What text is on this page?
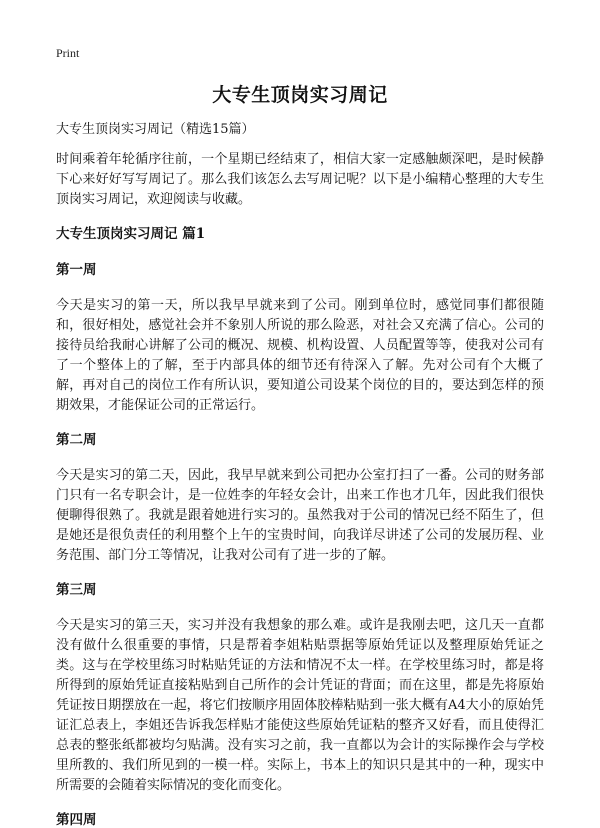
Print
大专生顶岗实习周记

大专生顶岗实习周记（精选15篇）

时间乘着年轮循序往前，一个星期已经结束了，相信大家一定感触颇深吧，是时候静下心来好好写写周记了。那么我们该怎么去写周记呢？以下是小编精心整理的大专生顶岗实习周记，欢迎阅读与收藏。

大专生顶岗实习周记 篇1
第一周

今天是实习的第一天，所以我早早就来到了公司。刚到单位时，感觉同事们都很随和，很好相处，感觉社会并不象别人所说的那么险恶，对社会又充满了信心。公司的接待员给我耐心讲解了公司的概况、规模、机构设置、人员配置等等，使我对公司有了一个整体上的了解，至于内部具体的细节还有待深入了解。先对公司有个大概了解，再对自己的岗位工作有所认识，要知道公司设某个岗位的目的，要达到怎样的预期效果，才能保证公司的正常运行。

第二周

今天是实习的第二天，因此，我早早就来到公司把办公室打扫了一番。公司的财务部门只有一名专职会计，是一位姓李的年轻女会计，出来工作也才几年，因此我们很快便聊得很熟了。我就是跟着她进行实习的。虽然我对于公司的情况已经不陌生了，但是她还是很负责任的利用整个上午的宝贵时间，向我详尽讲述了公司的发展历程、业务范围、部门分工等情况，让我对公司有了进一步的了解。

第三周

今天是实习的第三天，实习并没有我想象的那么难。或许是我刚去吧，这几天一直都没有做什么很重要的事情，只是帮着李姐粘贴票据等原始凭证以及整理原始凭证之类。这与在学校里练习时粘贴凭证的方法和情况不太一样。在学校里练习时，都是将所得到的原始凭证直接粘贴到自己所作的会计凭证的背面；而在这里，都是先将原始凭证按日期摆放在一起，将它们按顺序用固体胶棒粘贴到一张大概有A4大小的原始凭证汇总表上，李姐还告诉我怎样贴才能使这些原始凭证粘的整齐又好看，而且使得汇总表的整张纸都被均匀贴满。没有实习之前，我一直都以为会计的实际操作会与学校里所教的、我们所见到的一模一样。实际上，书本上的知识只是其中的一种，现实中所需要的会随着实际情况的变化而变化。

第四周
